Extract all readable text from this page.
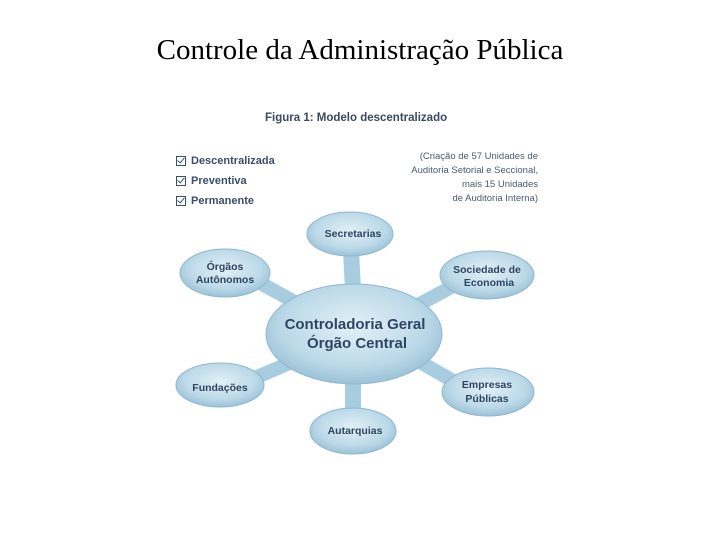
Controle da Administração Pública
Figura 1: Modelo descentralizado
Descentralizada
Preventiva
Permanente
(Criação de 57 Unidades de
Auditoria Setorial e Seccional,
mais 15 Unidades
de Auditoria Interna)
Secretarias
Órgãos
Autônomos
Sociedade de
Economia
Fundações	Empresas
Públicas
Autarquias
Controladoria Geral
Órgão Central
